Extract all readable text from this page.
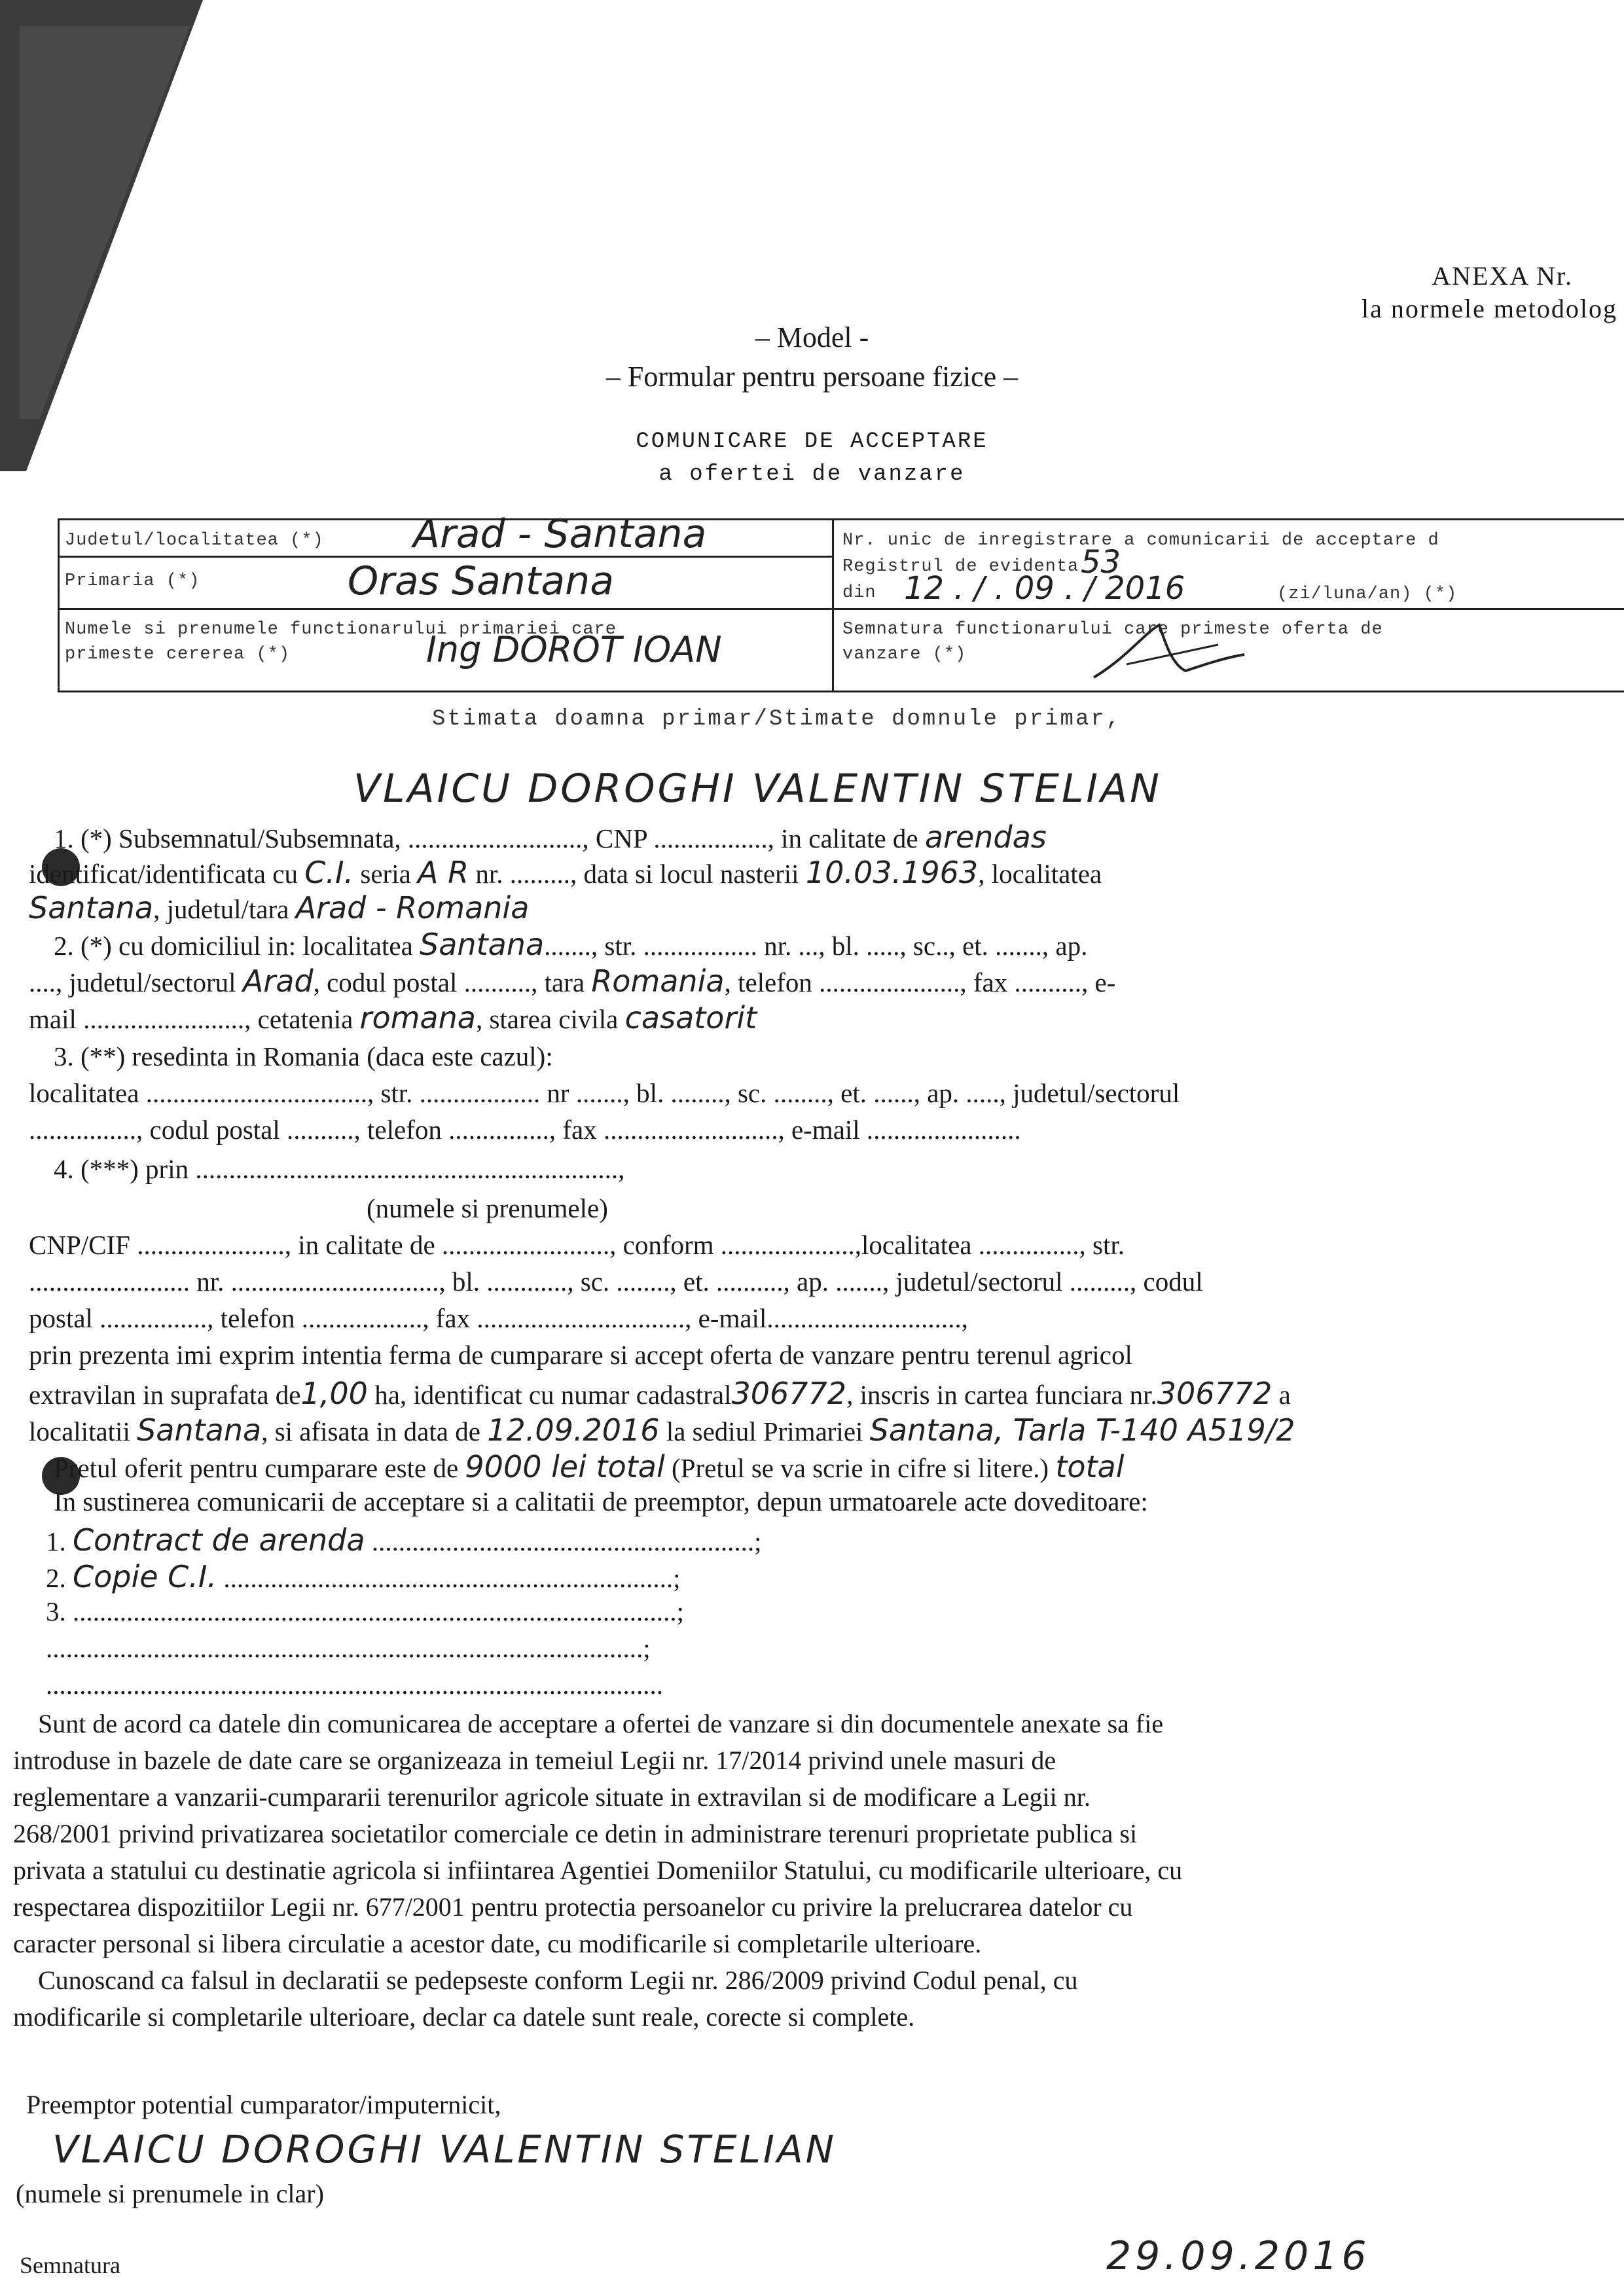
ANEXA Nr.
la normele metodolog
– Model -
– Formular pentru persoane fizice –
COMUNICARE DE ACCEPTARE
a ofertei de vanzare
Judetul/localitatea (*) Arad - Santana
Primaria (*)	Oras Santana
Numele si prenumele functionarului primariei care
primeste cererea (*)	Ing DOROT IOAN
Nr. unic de inregistrare a comunicarii de acceptare d
Registrul de evidenta 53
din 12 . / . 09 . / 2016	(zi/luna/an) (*)
Semnatura functionarului care primeste oferta de
vanzare (*)
Stimata doamna primar/Stimate domnule primar,
VLAICU DOROGHI VALENTIN STELIAN
1. (*) Subsemnatul/Subsemnata, .........................., CNP ................., in calitate de arendas
identificat/identificata cu C.I. seria A R nr. ........., data si locul nasterii 10.03.1963, localitatea
Santana, judetul/tara Arad - Romania
2. (*) cu domiciliul in: localitatea Santana......., str. ................. nr. ..., bl. ....., sc.., et. ......., ap.
...., judetul/sectorul Arad, codul postal .........., tara Romania, telefon ....................., fax .........., e-
mail ........................, cetatenia romana, starea civila casatorit
3. (**) resedinta in Romania (daca este cazul):
localitatea ................................., str. .................. nr ......., bl. ........, sc. ........, et. ......, ap. ....., judetul/sectorul
................, codul postal .........., telefon ..............., fax .........................., e-mail .......................
4. (***) prin ...............................................................,
(numele si prenumele)
CNP/CIF ......................, in calitate de ........................., conform ....................,localitatea ..............., str.
........................ nr. ..............................., bl. ............, sc. ........, et. .........., ap. ......., judetul/sectorul ........., codul
postal ................, telefon .................., fax ..............................., e-mail.............................,
prin prezenta imi exprim intentia ferma de cumparare si accept oferta de vanzare pentru terenul agricol
extravilan in suprafata de1,00 ha, identificat cu numar cadastral306772, inscris in cartea funciara nr.306772 a
localitatii Santana, si afisata in data de 12.09.2016 la sediul Primariei Santana, Tarla T-140 A519/2
Pretul oferit pentru cumparare este de 9000 lei total (Pretul se va scrie in cifre si litere.) total
In sustinerea comunicarii de acceptare si a calitatii de preemptor, depun urmatoarele acte doveditoare:
1. Contract de arenda .........................................................;
2. Copie C.I. ...................................................................;
3. ..........................................................................................;
.........................................................................................;
............................................................................................
Sunt de acord ca datele din comunicarea de acceptare a ofertei de vanzare si din documentele anexate sa fie
introduse in bazele de date care se organizeaza in temeiul Legii nr. 17/2014 privind unele masuri de
reglementare a vanzarii-cumpararii terenurilor agricole situate in extravilan si de modificare a Legii nr.
268/2001 privind privatizarea societatilor comerciale ce detin in administrare terenuri proprietate publica si
privata a statului cu destinatie agricola si infiintarea Agentiei Domeniilor Statului, cu modificarile ulterioare, cu
respectarea dispozitiilor Legii nr. 677/2001 pentru protectia persoanelor cu privire la prelucrarea datelor cu
caracter personal si libera circulatie a acestor date, cu modificarile si completarile ulterioare.
Cunoscand ca falsul in declaratii se pedepseste conform Legii nr. 286/2009 privind Codul penal, cu
modificarile si completarile ulterioare, declar ca datele sunt reale, corecte si complete.
Preemptor potential cumparator/imputernicit,
VLAICU DOROGHI VALENTIN STELIAN
(numele si prenumele in clar)
Semnatura	29.09.2016
